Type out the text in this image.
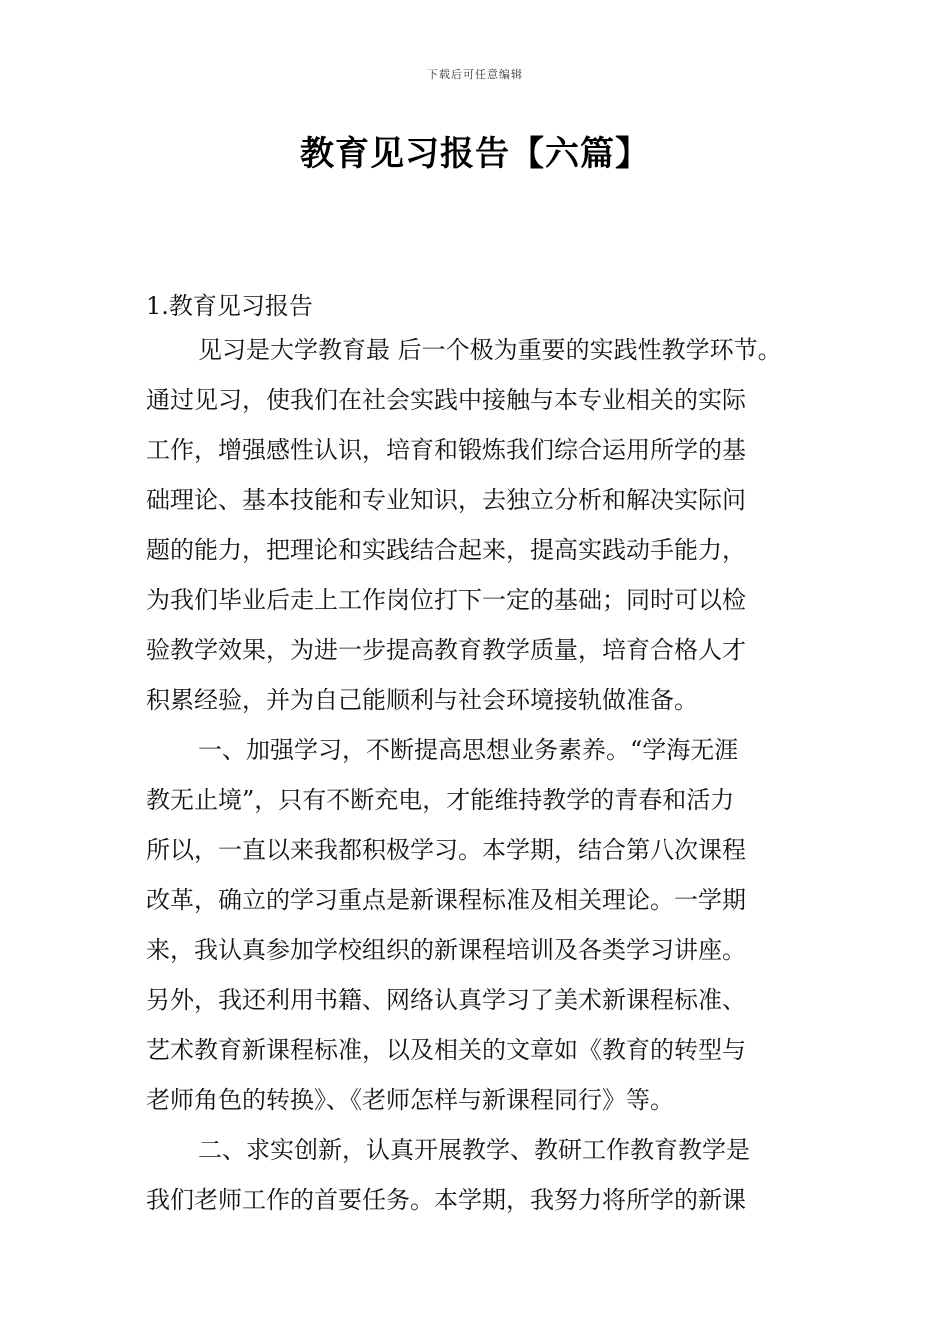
下载后可任意编辑
教育见习报告【六篇】
1.教育见习报告
见习是大学教育最 后一个极为重要的实践性教学环节。
通过见习，使我们在社会实践中接触与本专业相关的实际
工作，增强感性认识，培育和锻炼我们综合运用所学的基
础理论、基本技能和专业知识，去独立分析和解决实际问
题的能力，把理论和实践结合起来，提高实践动手能力，
为我们毕业后走上工作岗位打下一定的基础；同时可以检
验教学效果，为进一步提高教育教学质量，培育合格人才
积累经验，并为自己能顺利与社会环境接轨做准备。
一、加强学习，不断提高思想业务素养。“学海无涯
教无止境”，只有不断充电，才能维持教学的青春和活力
所以，一直以来我都积极学习。本学期，结合第八次课程
改革，确立的学习重点是新课程标准及相关理论。一学期
来，我认真参加学校组织的新课程培训及各类学习讲座。
另外，我还利用书籍、网络认真学习了美术新课程标准、
艺术教育新课程标准，以及相关的文章如《教育的转型与
老师角色的转换》、《老师怎样与新课程同行》等。
二、求实创新，认真开展教学、教研工作教育教学是
我们老师工作的首要任务。本学期，我努力将所学的新课
